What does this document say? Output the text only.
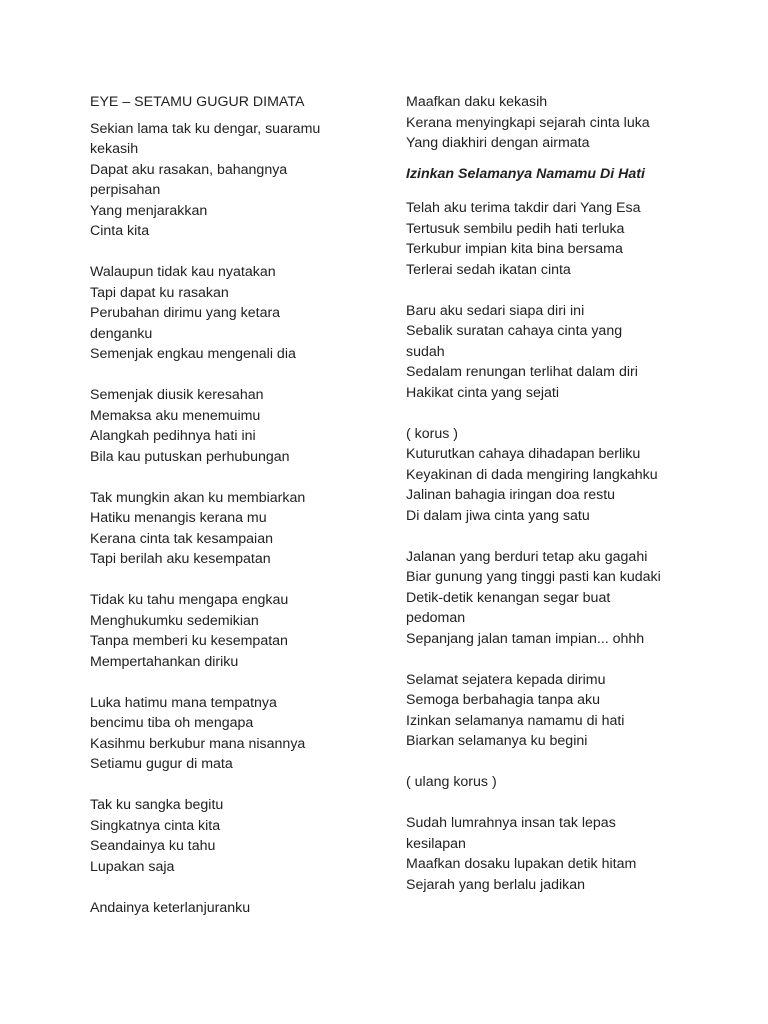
EYE – SETAMU GUGUR DIMATA
Sekian lama tak ku dengar, suaramu
kekasih
Dapat aku rasakan, bahangnya
perpisahan
Yang menjarakkan
Cinta kita
Walaupun tidak kau nyatakan
Tapi dapat ku rasakan
Perubahan dirimu yang ketara
denganku
Semenjak engkau mengenali dia
Semenjak diusik keresahan
Memaksa aku menemuimu
Alangkah pedihnya hati ini
Bila kau putuskan perhubungan
Tak mungkin akan ku membiarkan
Hatiku menangis kerana mu
Kerana cinta tak kesampaian
Tapi berilah aku kesempatan
Tidak ku tahu mengapa engkau
Menghukumku sedemikian
Tanpa memberi ku kesempatan
Mempertahankan diriku
Luka hatimu mana tempatnya
bencimu tiba oh mengapa
Kasihmu berkubur mana nisannya
Setiamu gugur di mata
Tak ku sangka begitu
Singkatnya cinta kita
Seandainya ku tahu
Lupakan saja
Andainya keterlanjuranku
Maafkan daku kekasih
Kerana menyingkapi sejarah cinta luka
Yang diakhiri dengan airmata
Izinkan Selamanya Namamu Di Hati
Telah aku terima takdir dari Yang Esa
Tertusuk sembilu pedih hati terluka
Terkubur impian kita bina bersama
Terlerai sedah ikatan cinta
Baru aku sedari siapa diri ini
Sebalik suratan cahaya cinta yang
sudah
Sedalam renungan terlihat dalam diri
Hakikat cinta yang sejati
( korus )
Kuturutkan cahaya dihadapan berliku
Keyakinan di dada mengiring langkahku
Jalinan bahagia iringan doa restu
Di dalam jiwa cinta yang satu
Jalanan yang berduri tetap aku gagahi
Biar gunung yang tinggi pasti kan kudaki
Detik-detik kenangan segar buat
pedoman
Sepanjang jalan taman impian... ohhh
Selamat sejatera kepada dirimu
Semoga berbahagia tanpa aku
Izinkan selamanya namamu di hati
Biarkan selamanya ku begini
( ulang korus )
Sudah lumrahnya insan tak lepas
kesilapan
Maafkan dosaku lupakan detik hitam
Sejarah yang berlalu jadikan
